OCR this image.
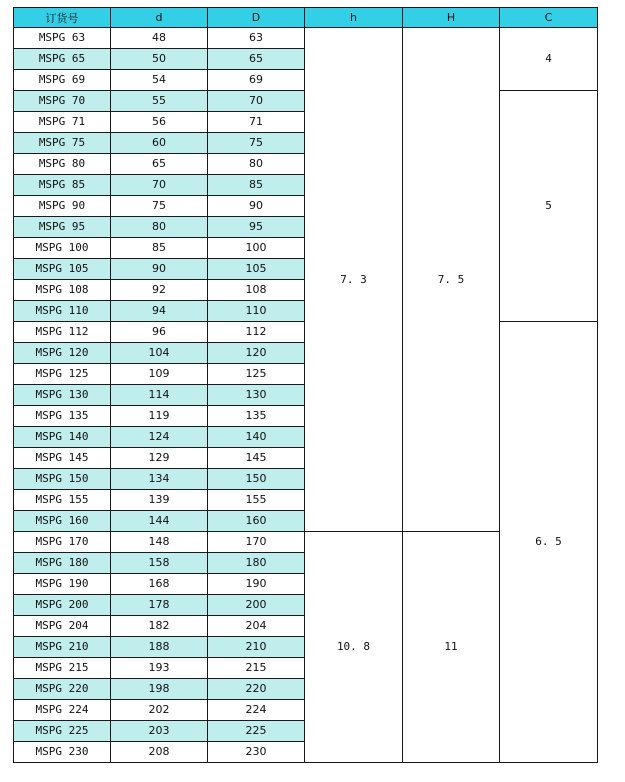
订货号	d	D	h	H	C
MSPG 63	48	63	7. 3	7. 5	4
MSPG 65	50	65			
MSPG 69	54	69			
MSPG 70	55	70			5
MSPG 71	56	71			
MSPG 75	60	75			
MSPG 80	65	80			
MSPG 85	70	85			
MSPG 90	75	90			
MSPG 95	80	95			
MSPG 100	85	100			
MSPG 105	90	105			
MSPG 108	92	108			
MSPG 110	94	110			
MSPG 112	96	112			6. 5
MSPG 120	104	120			
MSPG 125	109	125			
MSPG 130	114	130			
MSPG 135	119	135			
MSPG 140	124	140			
MSPG 145	129	145			
MSPG 150	134	150			
MSPG 155	139	155			
MSPG 160	144	160			
MSPG 170	148	170	10. 8	11	
MSPG 180	158	180			
MSPG 190	168	190			
MSPG 200	178	200			
MSPG 204	182	204			
MSPG 210	188	210			
MSPG 215	193	215			
MSPG 220	198	220			
MSPG 224	202	224			
MSPG 225	203	225			
MSPG 230	208	230			
